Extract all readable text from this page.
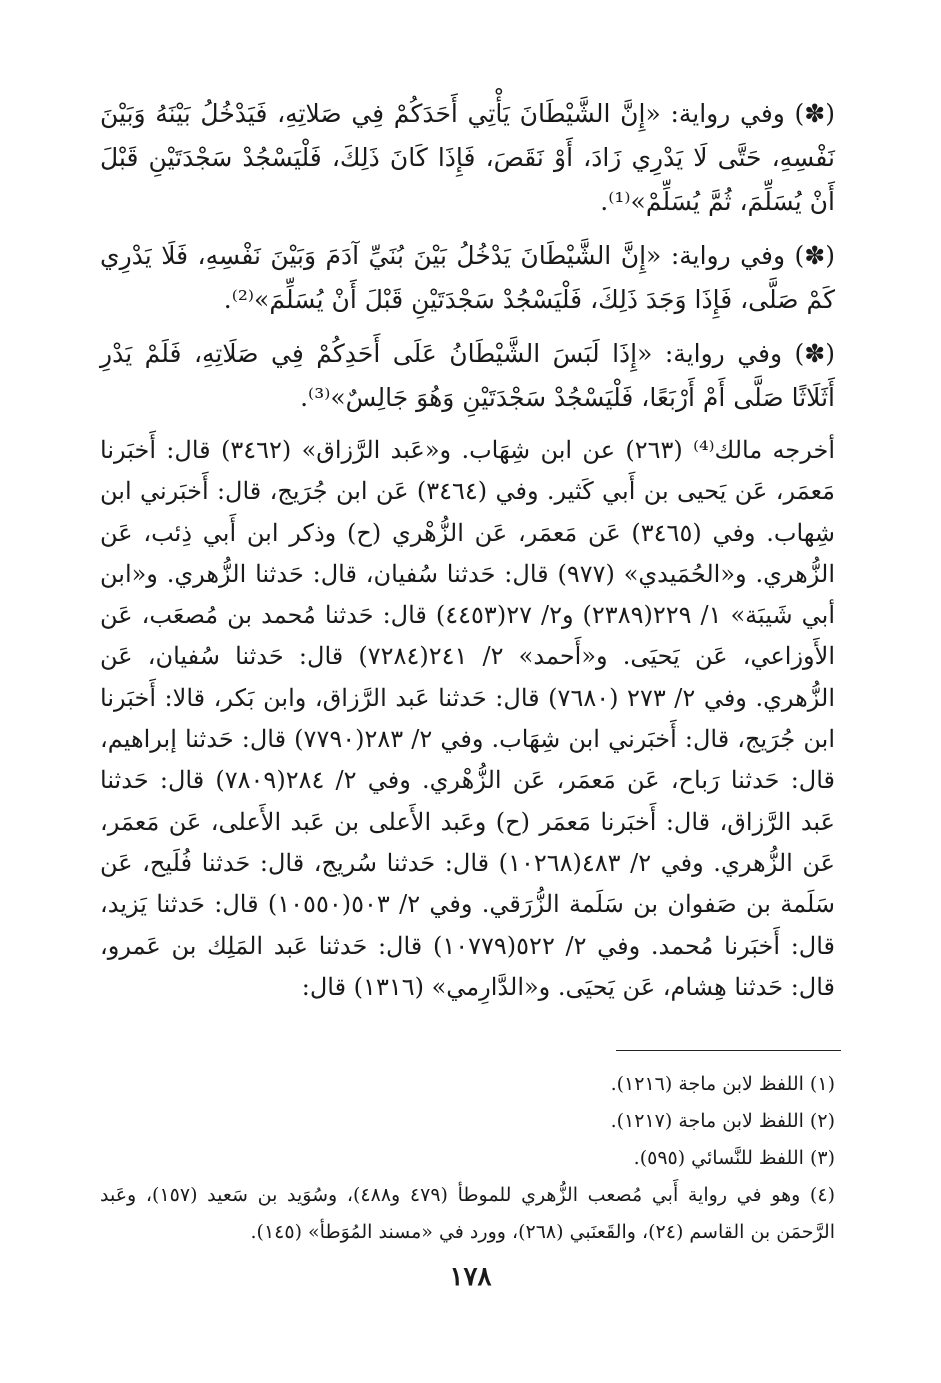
(✽) وفي رواية: «إِنَّ الشَّيْطَانَ يَأْتِي أَحَدَكُمْ فِي صَلاتِهِ، فَيَدْخُلُ بَيْنَهُ وَبَيْنَ نَفْسِهِ، حَتَّى لَا يَدْرِي زَادَ، أَوْ نَقَصَ، فَإِذَا كَانَ ذَلِكَ، فَلْيَسْجُدْ سَجْدَتَيْنِ قَبْلَ أَنْ يُسَلِّمَ، ثُمَّ يُسَلِّمْ»⁽¹⁾.

(✽) وفي رواية: «إِنَّ الشَّيْطَانَ يَدْخُلُ بَيْنَ بُنَيِّ آدَمَ وَبَيْنَ نَفْسِهِ، فَلَا يَدْرِي كَمْ صَلَّى، فَإِذَا وَجَدَ ذَلِكَ، فَلْيَسْجُدْ سَجْدَتَيْنِ قَبْلَ أَنْ يُسَلِّمَ»⁽²⁾.

(✽) وفي رواية: «إِذَا لَبَسَ الشَّيْطَانُ عَلَى أَحَدِكُمْ فِي صَلَاتِهِ، فَلَمْ يَدْرِ أَثَلَاثًا صَلَّى أَمْ أَرْبَعًا، فَلْيَسْجُدْ سَجْدَتَيْنِ وَهُوَ جَالِسٌ»⁽³⁾.

أخرجه مالك⁽⁴⁾ (٢٦٣) عن ابن شِهَاب. و«عَبد الرَّزاق» (٣٤٦٢) قال: أَخبَرنا مَعمَر، عَن يَحيى بن أَبي كَثير. وفي (٣٤٦٤) عَن ابن جُرَيج، قال: أَخبَرني ابن شِهاب. وفي (٣٤٦٥) عَن مَعمَر، عَن الزُّهْري (ح) وذكر ابن أَبي ذِئب، عَن الزُّهري. و«الحُمَيدي» (٩٧٧) قال: حَدثنا سُفيان، قال: حَدثنا الزُّهري. و«ابن أبي شَيبَة» ١/ ٢٢٩(٢٣٨٩) و٢/ ٢٧(٤٤٥٣) قال: حَدثنا مُحمد بن مُصعَب، عَن الأَوزاعي، عَن يَحيَى. و«أَحمد» ٢/ ٢٤١(٧٢٨٤) قال: حَدثنا سُفيان، عَن الزُّهري. وفي ٢/ ٢٧٣ (٧٦٨٠) قال: حَدثنا عَبد الرَّزاق، وابن بَكر، قالا: أَخبَرنا ابن جُرَيج، قال: أَخبَرني ابن شِهَاب. وفي ٢/ ٢٨٣(٧٧٩٠) قال: حَدثنا إبراهيم، قال: حَدثنا رَباح، عَن مَعمَر، عَن الزُّهْري. وفي ٢/ ٢٨٤(٧٨٠٩) قال: حَدثنا عَبد الرَّزاق، قال: أَخبَرنا مَعمَر (ح) وعَبد الأَعلى بن عَبد الأَعلى، عَن مَعمَر، عَن الزُّهري. وفي ٢/ ٤٨٣(١٠٢٦٨) قال: حَدثنا سُريج، قال: حَدثنا فُلَيح، عَن سَلَمة بن صَفوان بن سَلَمة الزُّرَقي. وفي ٢/ ٥٠٣(١٠٥٥٠) قال: حَدثنا يَزيد، قال: أَخبَرنا مُحمد. وفي ٢/ ٥٢٢(١٠٧٧٩) قال: حَدثنا عَبد المَلِك بن عَمرو، قال: حَدثنا هِشام، عَن يَحيَى. و«الدَّارِمي» (١٣١٦) قال:

(١) اللفظ لابن ماجة (١٢١٦).
(٢) اللفظ لابن ماجة (١٢١٧).
(٣) اللفظ للنَّسائي (٥٩٥).
(٤) وهو في رواية أَبي مُصعب الزُّهري للموطأ (٤٧٩ و٤٨٨)، وسُوَيد بن سَعيد (١٥٧)، وعَبد الرَّحمَن بن القاسم (٢٤)، والقَعنَبي (٢٦٨)، وورد في «مسند المُوَطأ» (١٤٥).
١٧٨
